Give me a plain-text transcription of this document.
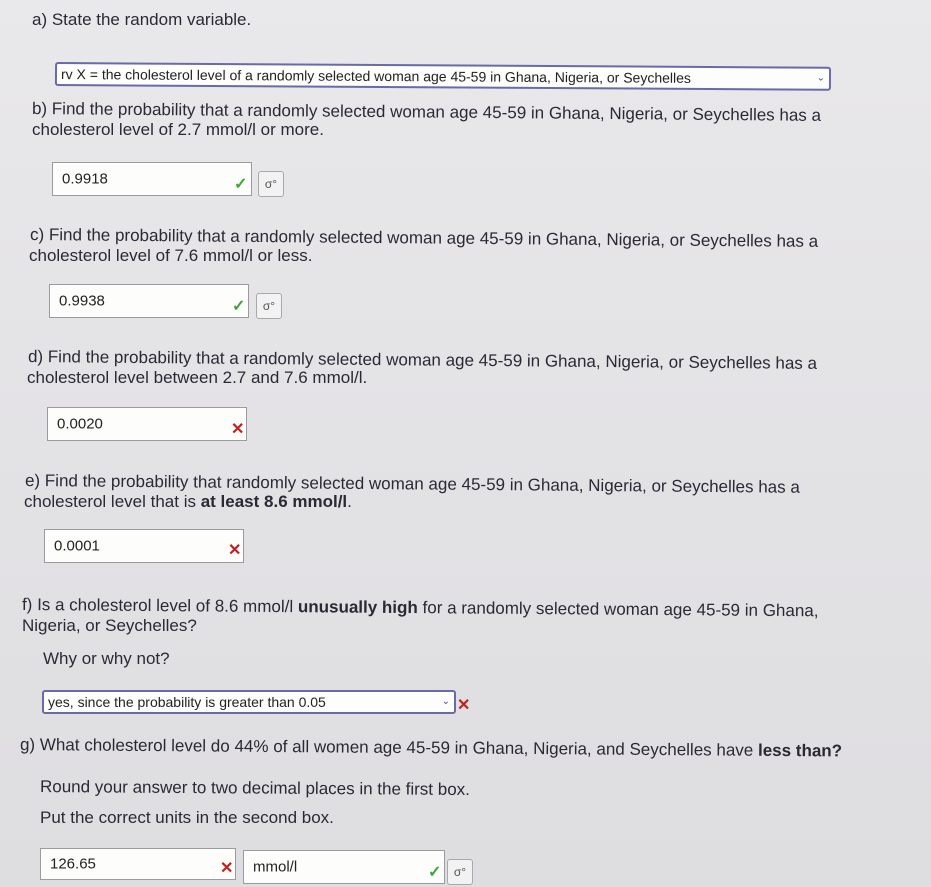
a) State the random variable.
rv X = the cholesterol level of a randomly selected woman age 45-59 in Ghana, Nigeria, or Seychelles	⌄
b) Find the probability that a randomly selected woman age 45-59 in Ghana, Nigeria, or Seychelles has a
cholesterol level of 2.7 mmol/l or more.
0.9918	✓	σ°
c) Find the probability that a randomly selected woman age 45-59 in Ghana, Nigeria, or Seychelles has a
cholesterol level of 7.6 mmol/l or less.
0.9938	✓	σ°
d) Find the probability that a randomly selected woman age 45-59 in Ghana, Nigeria, or Seychelles has a
cholesterol level between 2.7 and 7.6 mmol/l.
0.0020	✕
e) Find the probability that randomly selected woman age 45-59 in Ghana, Nigeria, or Seychelles has a
cholesterol level that is at least 8.6 mmol/l.
0.0001	✕
f) Is a cholesterol level of 8.6 mmol/l unusually high for a randomly selected woman age 45-59 in Ghana,
Nigeria, or Seychelles?
Why or why not?
yes, since the probability is greater than 0.05	⌄ ✕
g) What cholesterol level do 44% of all women age 45-59 in Ghana, Nigeria, and Seychelles have less than?
Round your answer to two decimal places in the first box.
Put the correct units in the second box.
126.65	✕ mmol/l	✓	σ°
